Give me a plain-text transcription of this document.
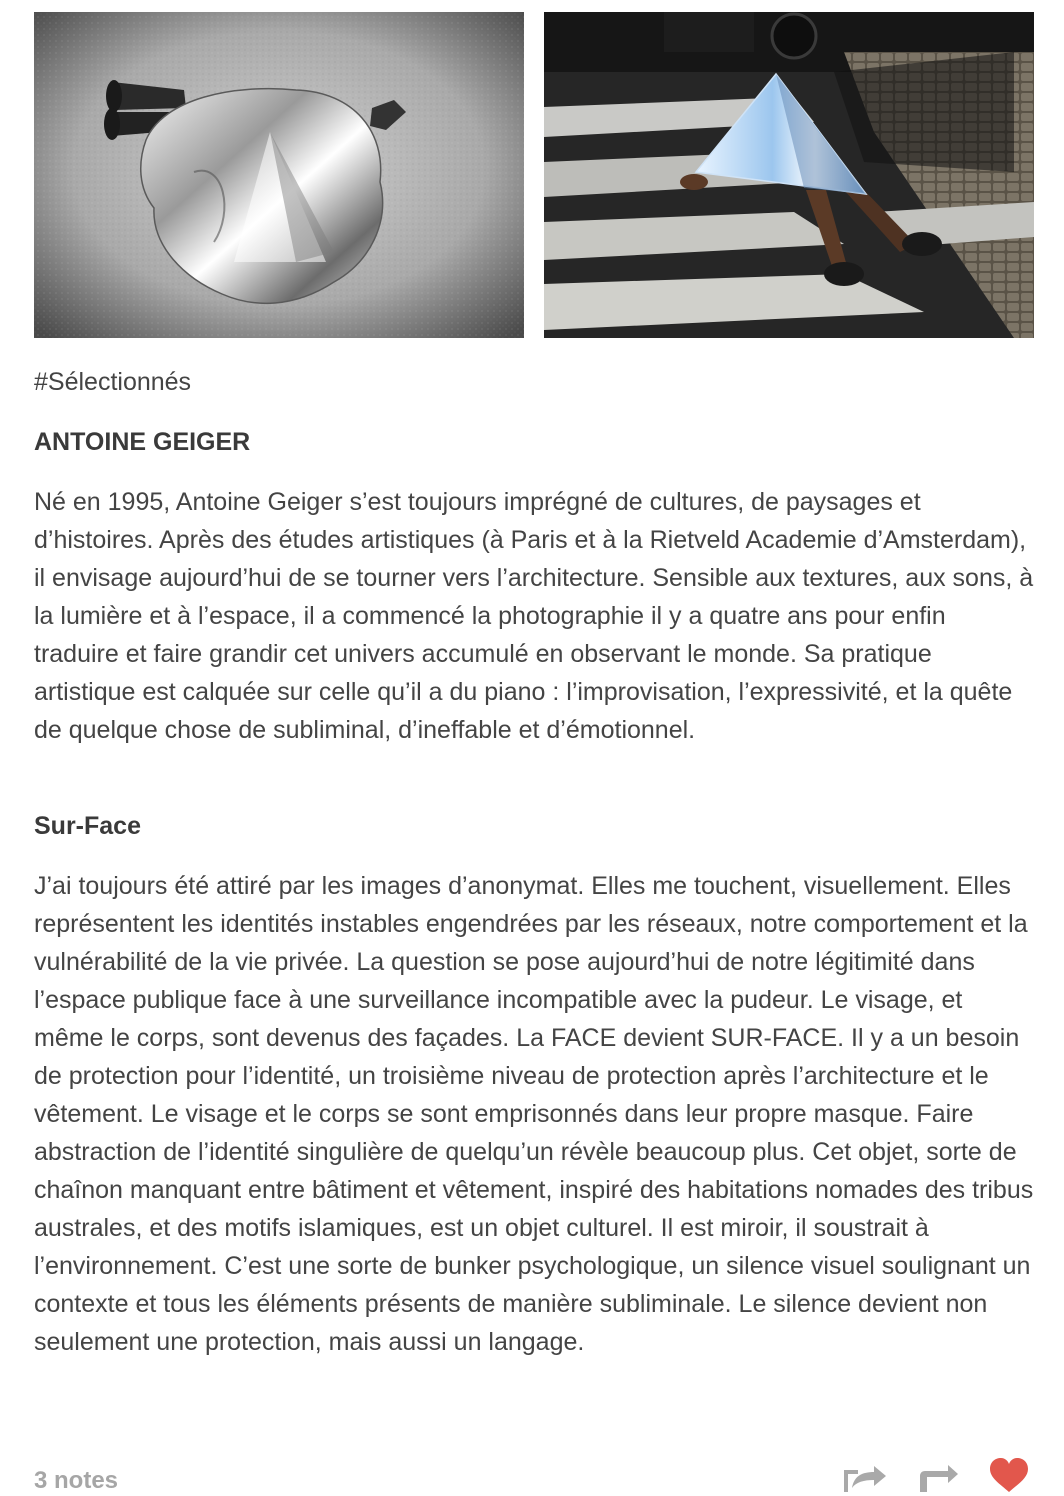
#Sélectionnés
ANTOINE GEIGER

Né en 1995, Antoine Geiger s’est toujours imprégné de cultures, de paysages et d’histoires. Après des études artistiques (à Paris et à la Rietveld Academie d’Amsterdam), il envisage aujourd’hui de se tourner vers l’architecture. Sensible aux textures, aux sons, à la lumière et à l’espace, il a commencé la photographie il y a quatre ans pour enfin traduire et faire grandir cet univers accumulé en observant le monde. Sa pratique artistique est calquée sur celle qu’il a du piano : l’improvisation, l’expressivité, et la quête de quelque chose de subliminal, d’ineffable et d’émotionnel.

Sur-Face

J’ai toujours été attiré par les images d’anonymat. Elles me touchent, visuellement. Elles représentent les identités instables engendrées par les réseaux, notre comportement et la vulnérabilité de la vie privée. La question se pose aujourd’hui de notre légitimité dans l’espace publique face à une surveillance incompatible avec la pudeur. Le visage, et même le corps, sont devenus des façades. La FACE devient SUR-FACE. Il y a un besoin de protection pour l’identité, un troisième niveau de protection après l’architecture et le vêtement. Le visage et le corps se sont emprisonnés dans leur propre masque. Faire abstraction de l’identité singulière de quelqu’un révèle beaucoup plus. Cet objet, sorte de chaînon manquant entre bâtiment et vêtement, inspiré des habitations nomades des tribus australes, et des motifs islamiques, est un objet culturel. Il est miroir, il soustrait à l’environnement. C’est une sorte de bunker psychologique, un silence visuel soulignant un contexte et tous les éléments présents de manière subliminale. Le silence devient non seulement une protection, mais aussi un langage.

3 notes
